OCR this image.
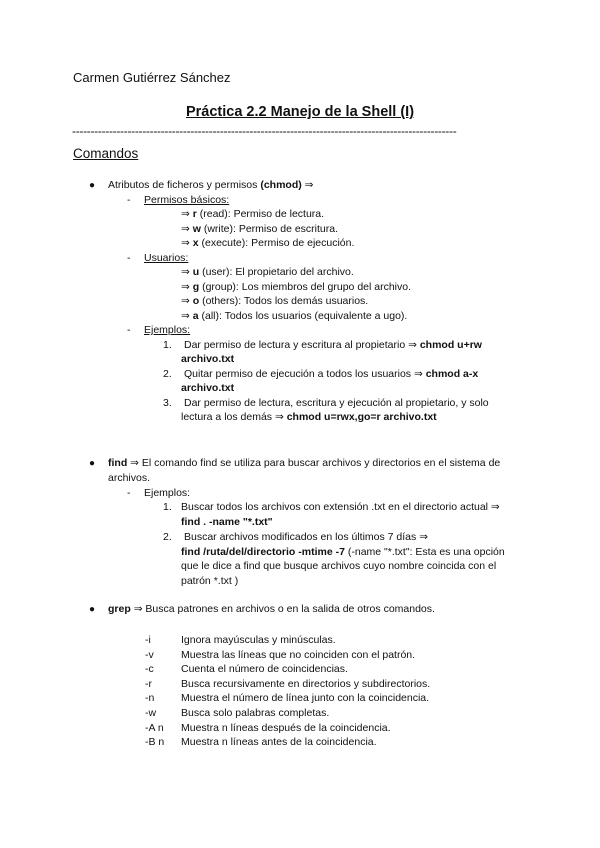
Carmen Gutiérrez Sánchez
Práctica 2.2 Manejo de la Shell (I)
--------------------------------------------------------------------------------------------------------
Comandos
● Atributos de ficheros y permisos (chmod) ⇒
- Permisos básicos:
⇒ r (read): Permiso de lectura.
⇒ w (write): Permiso de escritura.
⇒ x (execute): Permiso de ejecución.
- Usuarios:
⇒ u (user): El propietario del archivo.
⇒ g (group): Los miembros del grupo del archivo.
⇒ o (others): Todos los demás usuarios.
⇒ a (all): Todos los usuarios (equivalente a ugo).
- Ejemplos:
1. Dar permiso de lectura y escritura al propietario ⇒ chmod u+rw
archivo.txt
2. Quitar permiso de ejecución a todos los usuarios ⇒ chmod a-x
archivo.txt
3. Dar permiso de lectura, escritura y ejecución al propietario, y solo
lectura a los demás ⇒ chmod u=rwx,go=r archivo.txt
● find ⇒ El comando find se utiliza para buscar archivos y directorios en el sistema de
archivos.
- Ejemplos:
1. Buscar todos los archivos con extensión .txt en el directorio actual ⇒
find . -name "*.txt"
2. Buscar archivos modificados en los últimos 7 días ⇒
find /ruta/del/directorio -mtime -7 (-name "*.txt": Esta es una opción
que le dice a find que busque archivos cuyo nombre coincida con el
patrón *.txt )
● grep ⇒ Busca patrones en archivos o en la salida de otros comandos.
-i	Ignora mayúsculas y minúsculas.
-v	Muestra las líneas que no coinciden con el patrón.
-c	Cuenta el número de coincidencias.
-r	Busca recursivamente en directorios y subdirectorios.
-n	Muestra el número de línea junto con la coincidencia.
-w Busca solo palabras completas.
-A n Muestra n líneas después de la coincidencia.
-B n Muestra n líneas antes de la coincidencia.
